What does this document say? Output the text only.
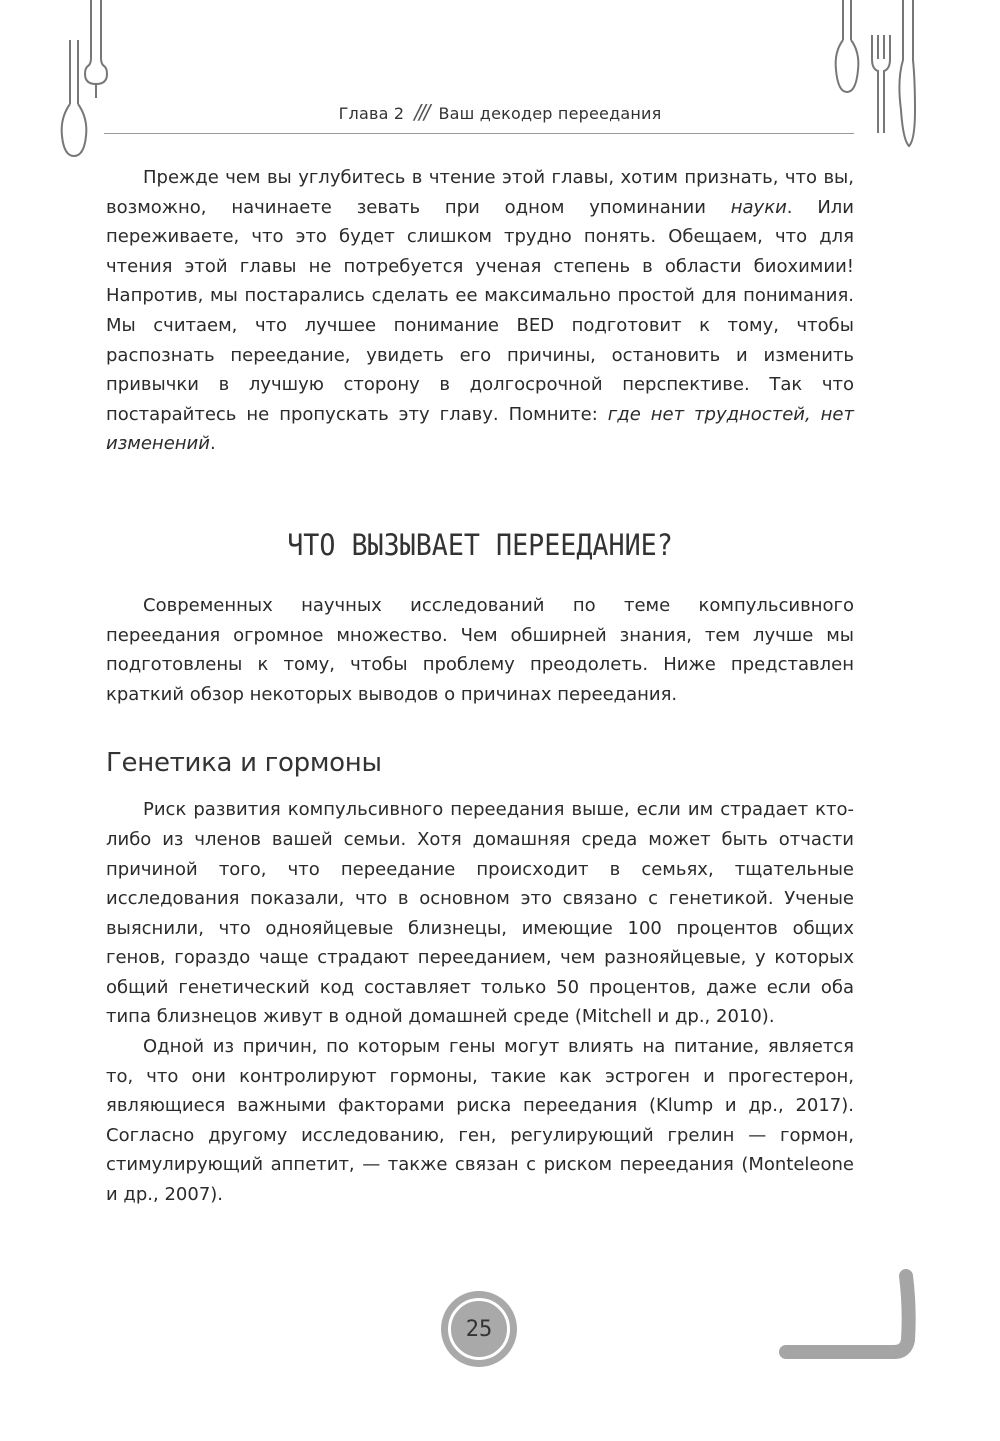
Глава 2 /// Ваш декодер переедания

Прежде чем вы углубитесь в чтение этой главы, хотим признать, что вы, возможно, начинаете зевать при одном упоминании науки. Или переживаете, что это будет слишком трудно понять. Обещаем, что для чтения этой главы не потребуется ученая степень в области биохимии! Напротив, мы постарались сделать ее максимально простой для понимания. Мы считаем, что лучшее понимание BED подготовит к тому, чтобы распознать переедание, увидеть его причины, остановить и изменить привычки в лучшую сторону в долгосрочной перспективе. Так что постарайтесь не пропускать эту главу. Помните: где нет трудностей, нет изменений.

ЧТО ВЫЗЫВАЕТ ПЕРЕЕДАНИЕ?

Современных научных исследований по теме компульсивного переедания огромное множество. Чем обширней знания, тем лучше мы подготовлены к тому, чтобы проблему преодолеть. Ниже представлен краткий обзор некоторых выводов о причинах переедания.

Генетика и гормоны

Риск развития компульсивного переедания выше, если им страдает кто-либо из членов вашей семьи. Хотя домашняя среда может быть отчасти причиной того, что переедание происходит в семьях, тщательные исследования показали, что в основном это связано с генетикой. Ученые выяснили, что однояйцевые близнецы, имеющие 100 процентов общих генов, гораздо чаще страдают перееданием, чем разнояйцевые, у которых общий генетический код составляет только 50 процентов, даже если оба типа близнецов живут в одной домашней среде (Mitchell и др., 2010).

Одной из причин, по которым гены могут влиять на питание, является то, что они контролируют гормоны, такие как эстроген и прогестерон, являющиеся важными факторами риска переедания (Klump и др., 2017). Согласно другому исследованию, ген, регулирующий грелин — гормон, стимулирующий аппетит, — также связан с риском переедания (Monteleone и др., 2007).

25
